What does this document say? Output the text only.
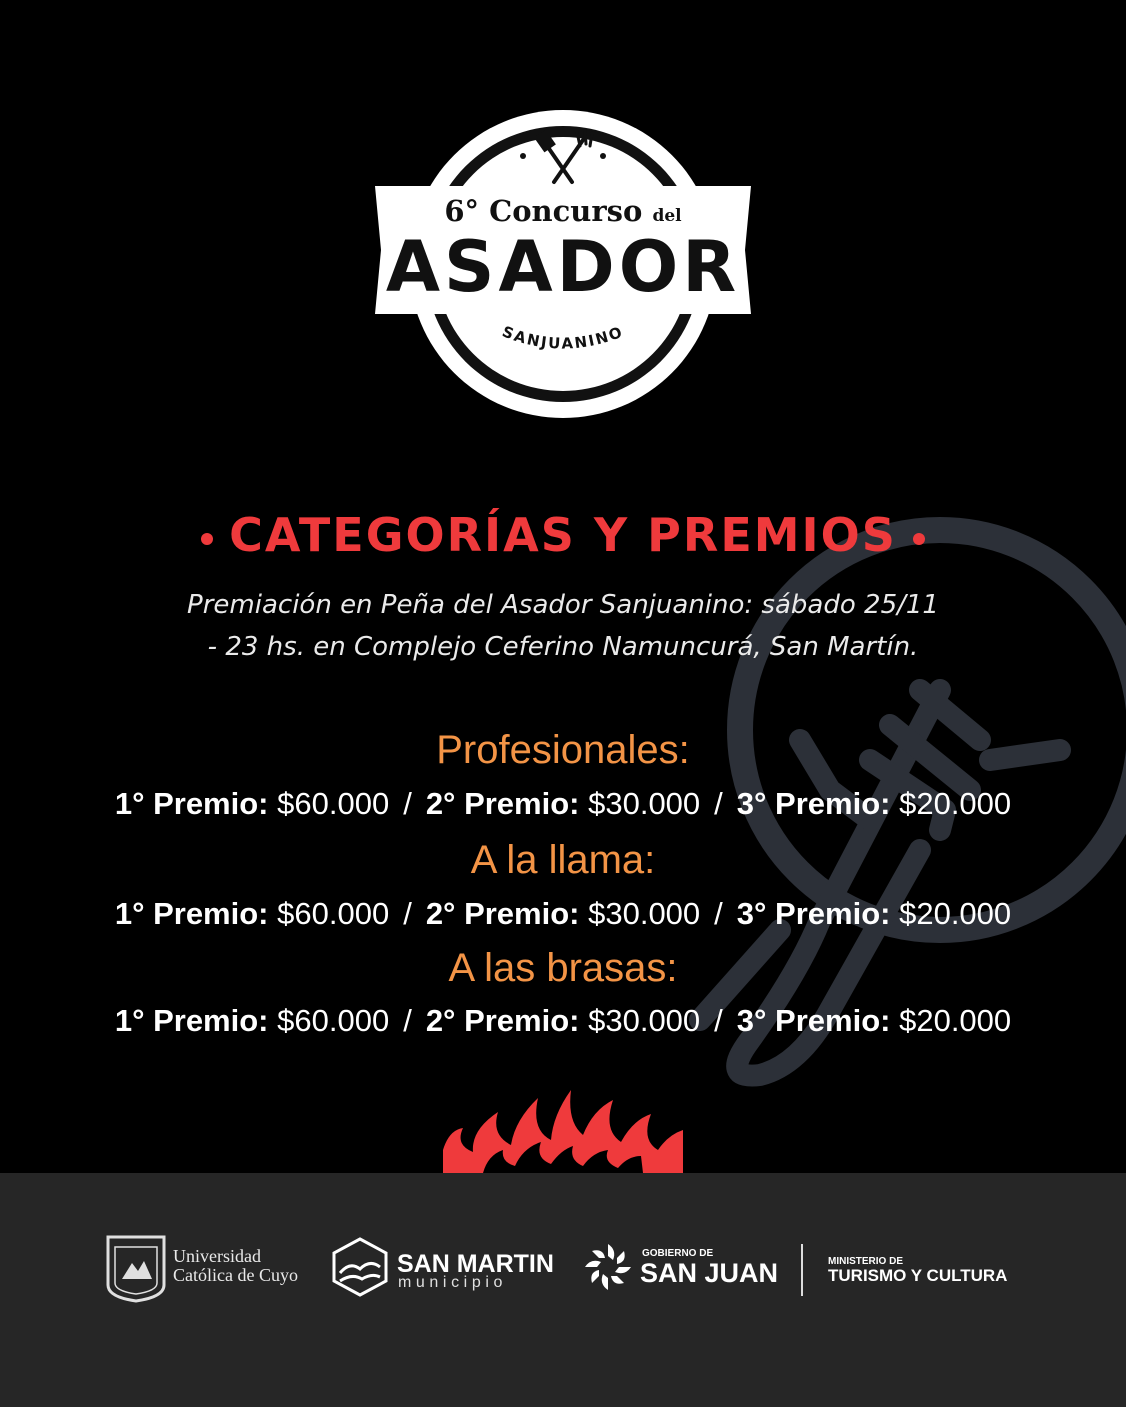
SANJUANINO
6° Concurso del
ASADOR
CATEGORÍAS Y PREMIOS
Premiación en Peña del Asador Sanjuanino: sábado 25/11
- 23 hs. en Complejo Ceferino Namuncurá, San Martín.
Profesionales:
1° Premio: $60.000 / 2° Premio: $30.000 / 3° Premio: $20.000
A la llama:
1° Premio: $60.000 / 2° Premio: $30.000 / 3° Premio: $20.000
A las brasas:
1° Premio: $60.000 / 2° Premio: $30.000 / 3° Premio: $20.000
Universidad
Católica de Cuyo	SAN MARTIN
municipio
GOBIERNO DE
SAN JUAN	MINISTERIO DE
TURISMO Y CULTURA
